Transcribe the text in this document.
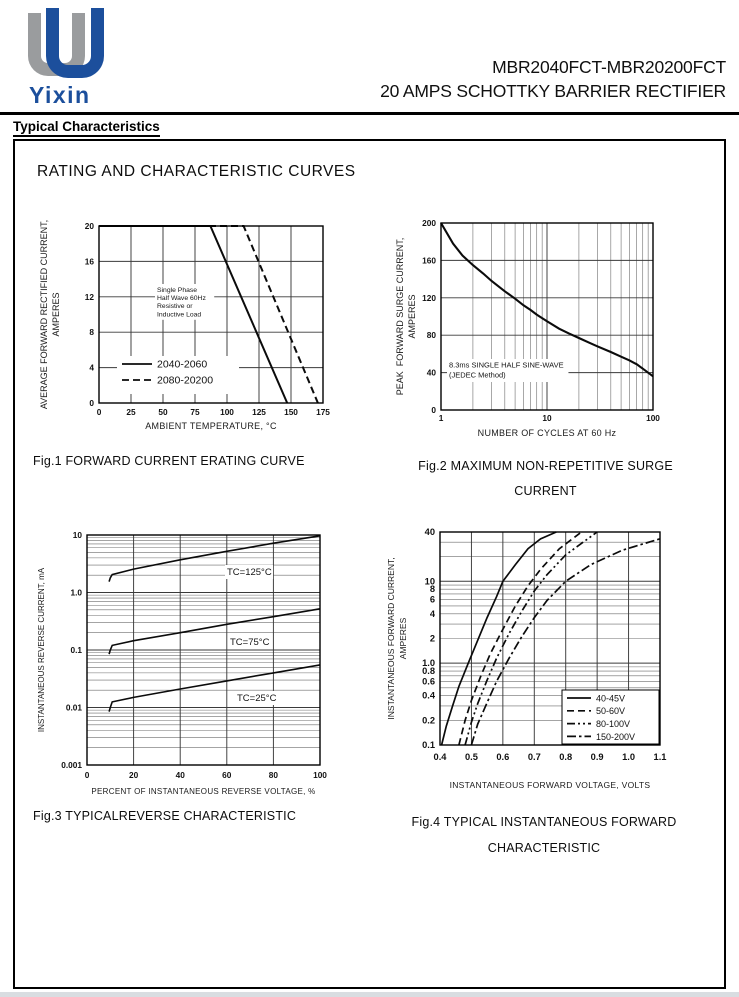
Yixin
MBR2040FCT-MBR20200FCT
20 AMPS SCHOTTKY BARRIER RECTIFIER
Typical Characteristics
RATING AND CHARACTERISTIC CURVES
Single Phase
Half Wave 60Hz
Resistive or
Inductive Load
2040-2060
2080-20200
0
4
8
12
16
20
0	25	50	75 100 125 150 175
AMBIENT TEMPERATURE, °C
AVERAGE FORWARD RECTIFIED CURRENT, AMPERES
8.3ms SINGLE HALF SINE-WAVE
(JEDEC Method)
0
40
80
120
160
200
1	10	100
NUMBER OF CYCLES AT 60 Hz
PEAK  FORWARD SURGE CURRENT, AMPERES
TC=125°C
TC=75°C
TC=25°C
10
1.0
0.1
0.01
0.001
0	20	40	60	80	100
PERCENT OF INSTANTANEOUS REVERSE VOLTAGE, %
INSTANTANEOUS REVERSE CURRENT, mA	40-45V
50-60V
80-100V
150-200V
40
10
8
6
4
2
1.0
0.8
0.6
0.4
0.2
0.1
0.4 0.5 0.6 0.7 0.8 0.9 1.0 1.1
INSTANTANEOUS FORWARD VOLTAGE, VOLTS
INSTANTANEOUS FORWARD CURRENT, AMPERES
Fig.1 FORWARD CURRENT ERATING CURVE	Fig.2 MAXIMUM NON-REPETITIVE SURGE
CURRENT
Fig.3 TYPICALREVERSE CHARACTERISTIC	Fig.4 TYPICAL INSTANTANEOUS FORWARD
CHARACTERISTIC
